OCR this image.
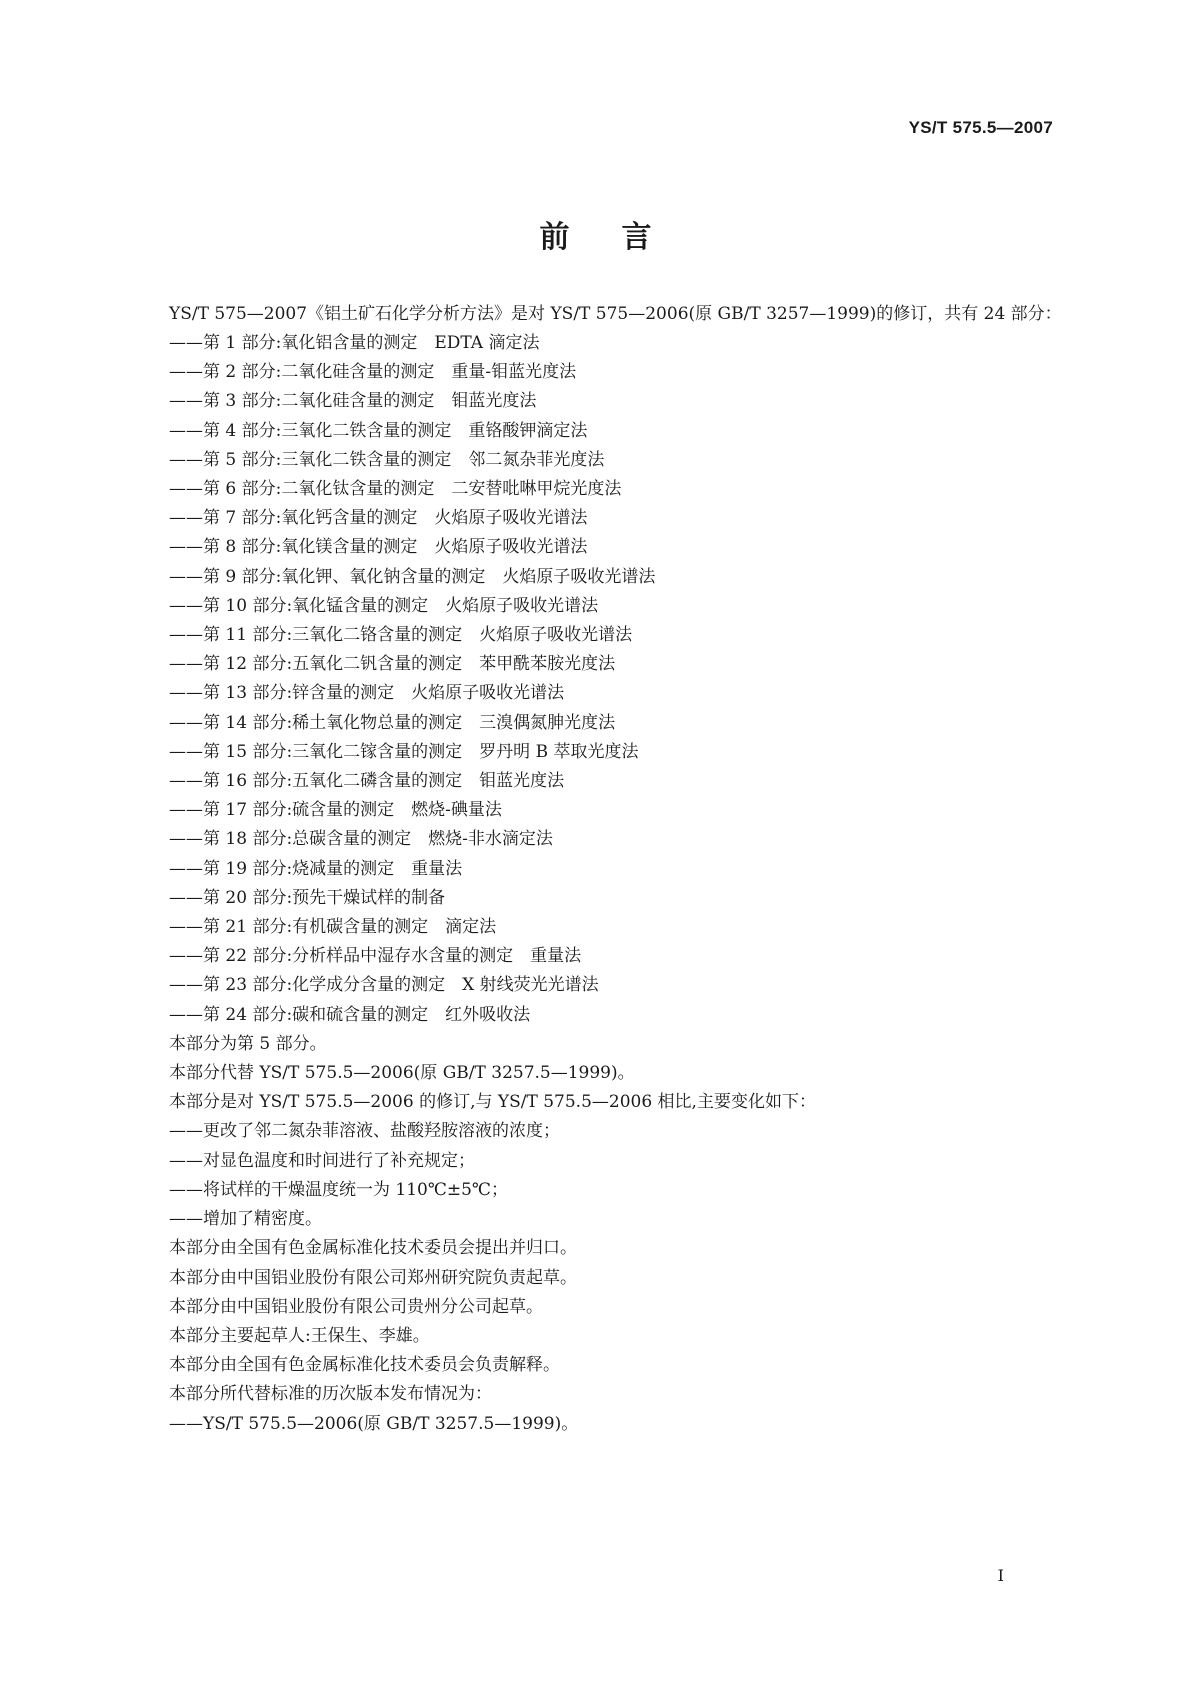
YS/T 575.5—2007
前言

YS/T 575—2007《铝土矿石化学分析方法》是对 YS/T 575—2006(原 GB/T 3257—1999)的修订，共有 24 部分：

——第 1 部分:氧化铝含量的测定　EDTA 滴定法

——第 2 部分:二氧化硅含量的测定　重量-钼蓝光度法

——第 3 部分:二氧化硅含量的测定　钼蓝光度法

——第 4 部分:三氧化二铁含量的测定　重铬酸钾滴定法

——第 5 部分:三氧化二铁含量的测定　邻二氮杂菲光度法

——第 6 部分:二氧化钛含量的测定　二安替吡啉甲烷光度法

——第 7 部分:氧化钙含量的测定　火焰原子吸收光谱法

——第 8 部分:氧化镁含量的测定　火焰原子吸收光谱法

——第 9 部分:氧化钾、氧化钠含量的测定　火焰原子吸收光谱法

——第 10 部分:氧化锰含量的测定　火焰原子吸收光谱法

——第 11 部分:三氧化二铬含量的测定　火焰原子吸收光谱法

——第 12 部分:五氧化二钒含量的测定　苯甲酰苯胺光度法

——第 13 部分:锌含量的测定　火焰原子吸收光谱法

——第 14 部分:稀土氧化物总量的测定　三溴偶氮胂光度法

——第 15 部分:三氧化二镓含量的测定　罗丹明 B 萃取光度法

——第 16 部分:五氧化二磷含量的测定　钼蓝光度法

——第 17 部分:硫含量的测定　燃烧-碘量法

——第 18 部分:总碳含量的测定　燃烧-非水滴定法

——第 19 部分:烧减量的测定　重量法

——第 20 部分:预先干燥试样的制备

——第 21 部分:有机碳含量的测定　滴定法

——第 22 部分:分析样品中湿存水含量的测定　重量法

——第 23 部分:化学成分含量的测定　X 射线荧光光谱法

——第 24 部分:碳和硫含量的测定　红外吸收法

本部分为第 5 部分。

本部分代替 YS/T 575.5—2006(原 GB/T 3257.5—1999)。

本部分是对 YS/T 575.5—2006 的修订,与 YS/T 575.5—2006 相比,主要变化如下：

——更改了邻二氮杂菲溶液、盐酸羟胺溶液的浓度；

——对显色温度和时间进行了补充规定；

——将试样的干燥温度统一为 110℃±5℃；

——增加了精密度。

本部分由全国有色金属标准化技术委员会提出并归口。

本部分由中国铝业股份有限公司郑州研究院负责起草。

本部分由中国铝业股份有限公司贵州分公司起草。

本部分主要起草人:王保生、李雄。

本部分由全国有色金属标准化技术委员会负责解释。

本部分所代替标准的历次版本发布情况为：

——YS/T 575.5—2006(原 GB/T 3257.5—1999)。

I
